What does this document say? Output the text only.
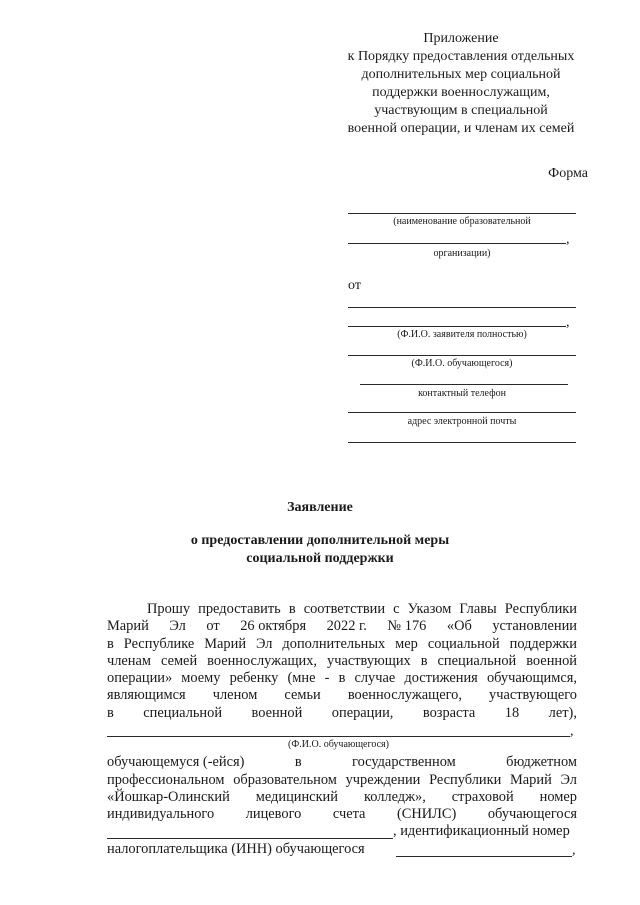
Приложение
к Порядку предоставления отдельных
дополнительных мер социальной
поддержки военнослужащим,
участвующим в специальной
военной операции, и членам их семей
Форма
(наименование образовательной
,
организации)
от
,
(Ф.И.О. заявителя полностью)
(Ф.И.О. обучающегося)
контактный телефон
адрес электронной почты
Заявление
о предоставлении дополнительной меры
социальной поддержки
Прошу предоставить в соответствии с Указом Главы Республики
Марий Эл от 26 октября 2022 г. № 176 «Об установлении
в Республике Марий Эл дополнительных мер социальной поддержки
членам семей военнослужащих, участвующих в специальной военной
операции» моему ребенку (мне - в случае достижения обучающимся,
являющимся членом семьи военнослужащего, участвующего
в специальной военной операции, возраста 18 лет),
,
(Ф.И.О. обучающегося)
обучающемуся (-ейся)	в	государственном	бюджетном
профессиональном образовательном учреждении Республики Марий Эл
«Йошкар-Олинский медицинский колледж», страховой номер
индивидуального лицевого счета (СНИЛС) обучающегося
, идентификационный номер
налогоплательщика (ИНН) обучающегося	,
